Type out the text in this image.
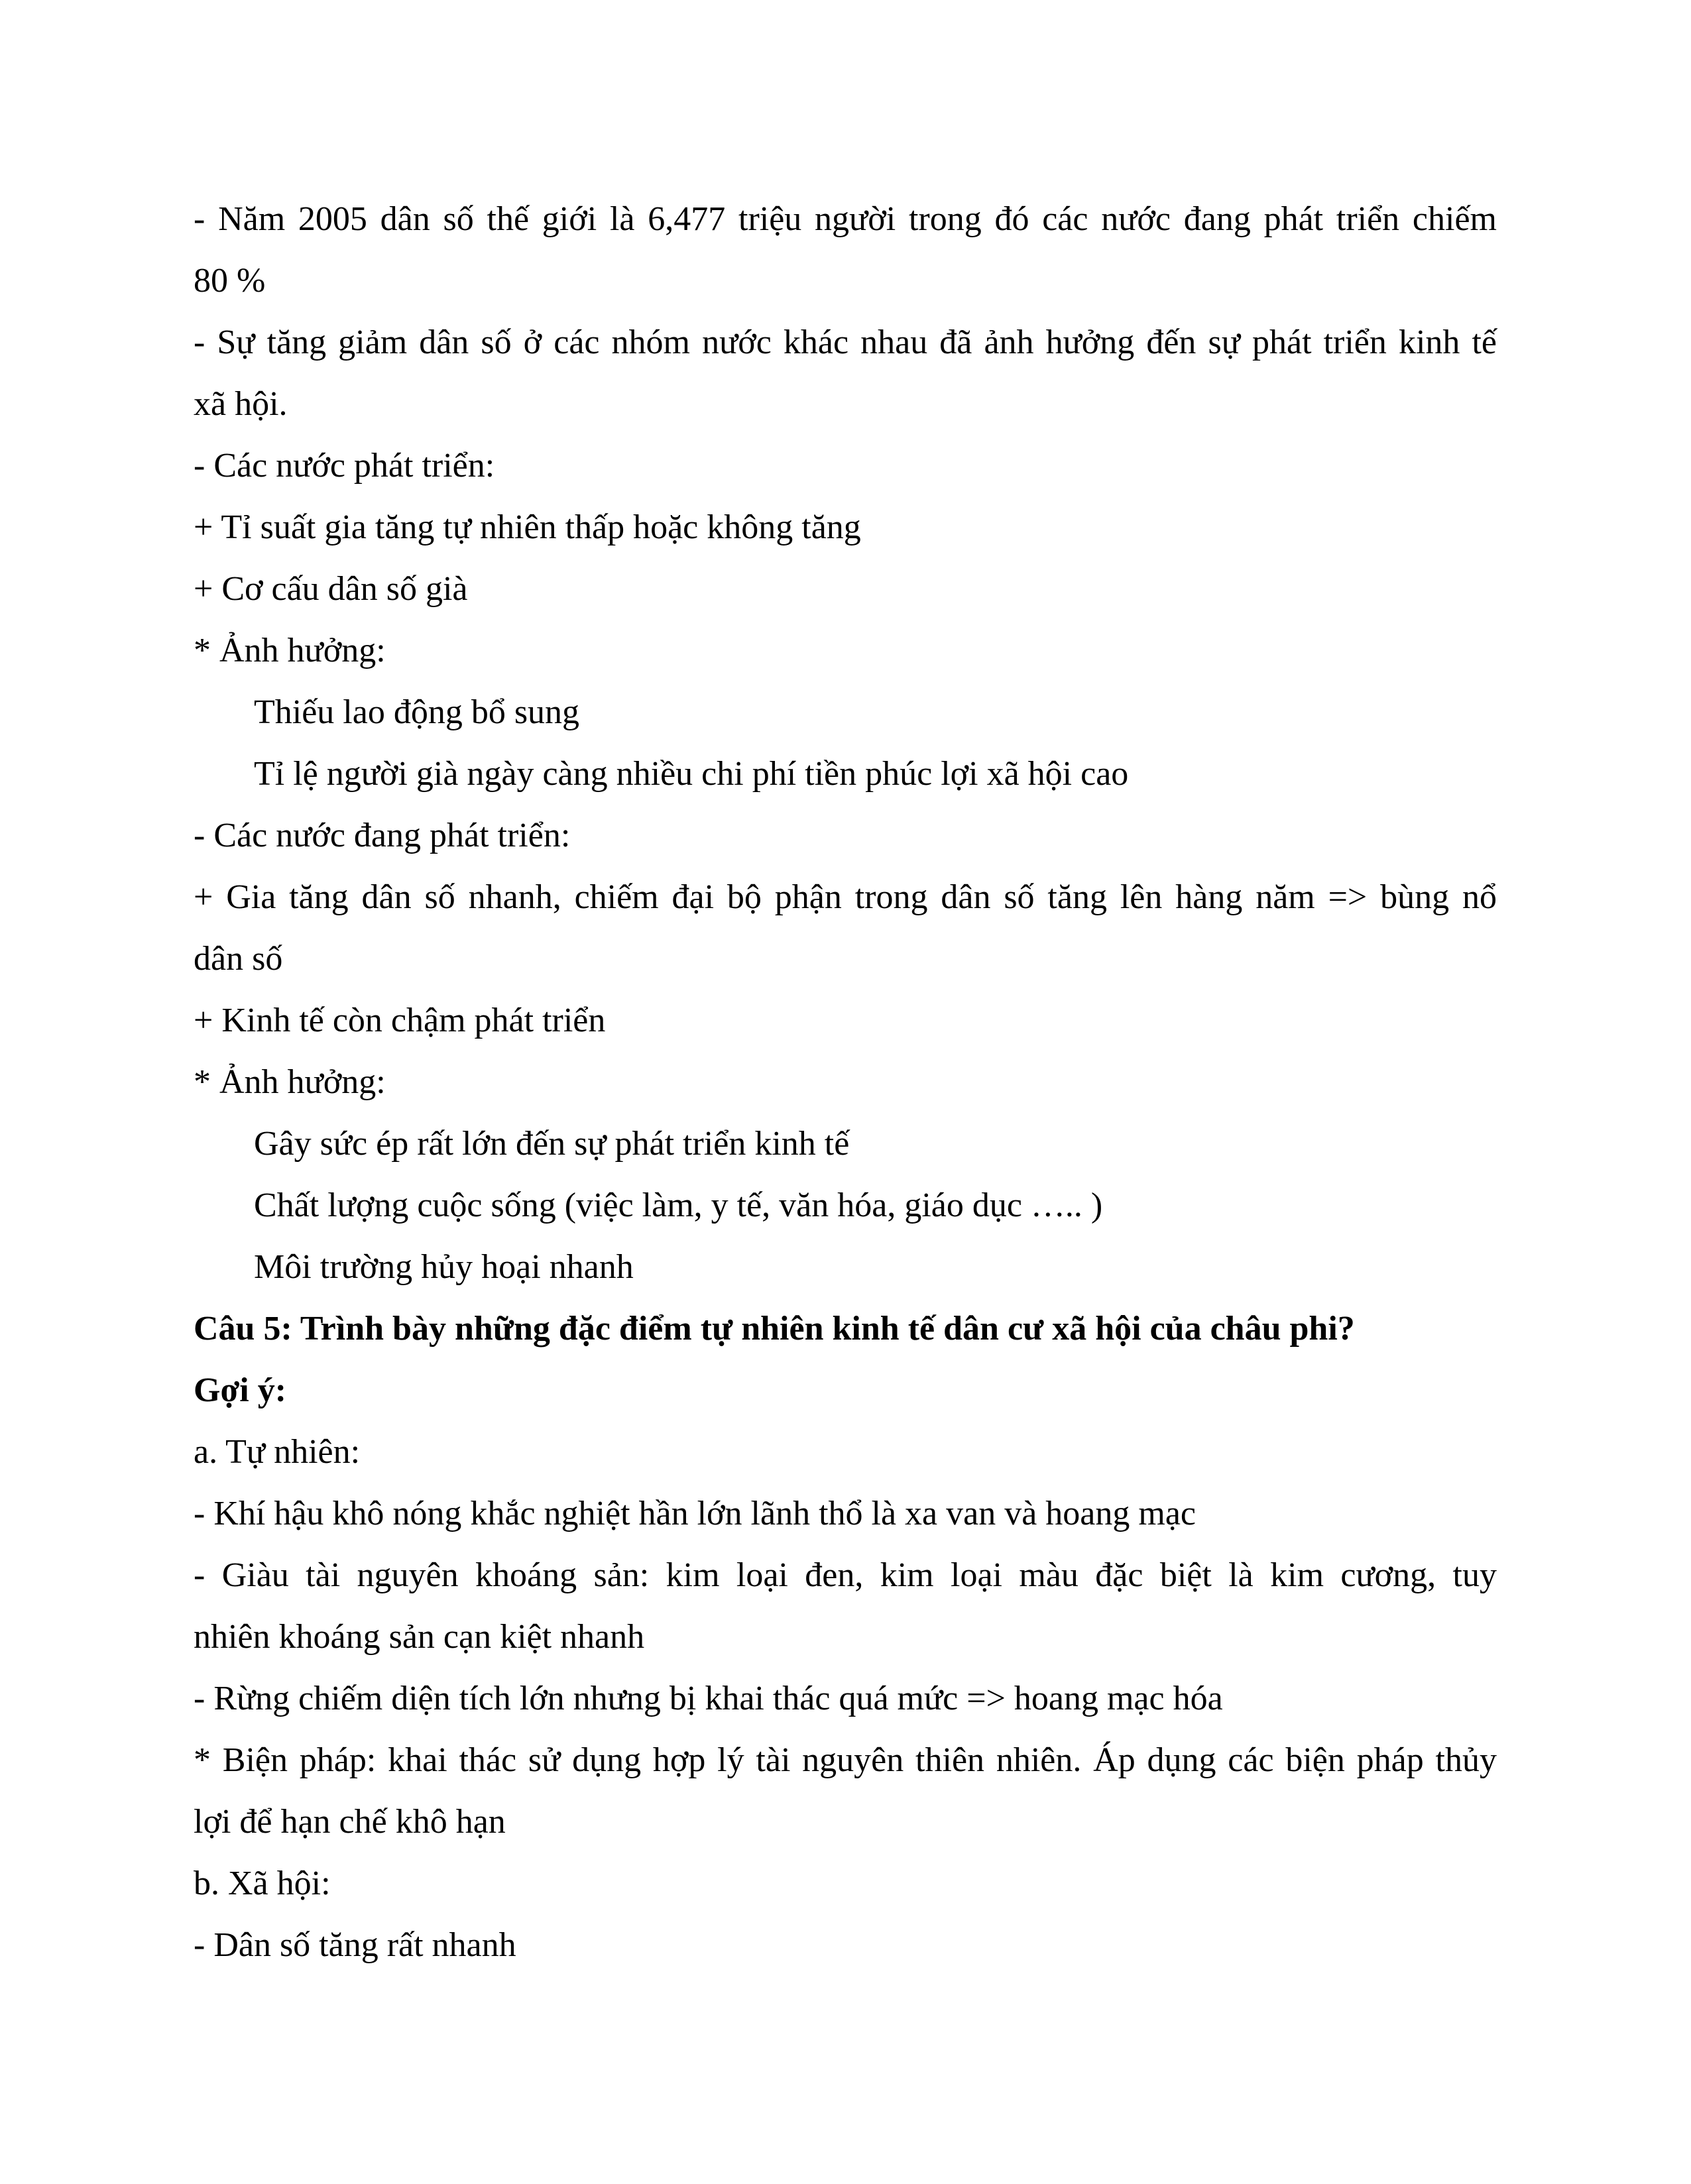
- Năm 2005 dân số thế giới là 6,477 triệu người trong đó các nước đang phát triển chiếm
80 %
- Sự tăng giảm dân số ở các nhóm nước khác nhau đã ảnh hưởng đến sự phát triển kinh tế
xã hội.
- Các nước phát triển:
+ Tỉ suất gia tăng tự nhiên thấp hoặc không tăng
+ Cơ cấu dân số già
* Ảnh hưởng:
Thiếu lao động bổ sung
Tỉ lệ người già ngày càng nhiều chi phí tiền phúc lợi xã hội cao
- Các nước đang phát triển:
+ Gia tăng dân số nhanh, chiếm đại bộ phận trong dân số tăng lên hàng năm => bùng nổ
dân số
+ Kinh tế còn chậm phát triển
* Ảnh hưởng:
Gây sức ép rất lớn đến sự phát triển kinh tế
Chất lượng cuộc sống (việc làm, y tế, văn hóa, giáo dục ….. )
Môi trường hủy hoại nhanh
Câu 5: Trình bày những đặc điểm tự nhiên kinh tế dân cư xã hội của châu phi?
Gợi ý:
a. Tự nhiên:
- Khí hậu khô nóng khắc nghiệt hần lớn lãnh thổ là xa van và hoang mạc
- Giàu tài nguyên khoáng sản: kim loại đen, kim loại màu đặc biệt là kim cương, tuy
nhiên khoáng sản cạn kiệt nhanh
- Rừng chiếm diện tích lớn nhưng bị khai thác quá mức => hoang mạc hóa
* Biện pháp: khai thác sử dụng hợp lý tài nguyên thiên nhiên. Áp dụng các biện pháp thủy
lợi để hạn chế khô hạn
b. Xã hội:
- Dân số tăng rất nhanh
